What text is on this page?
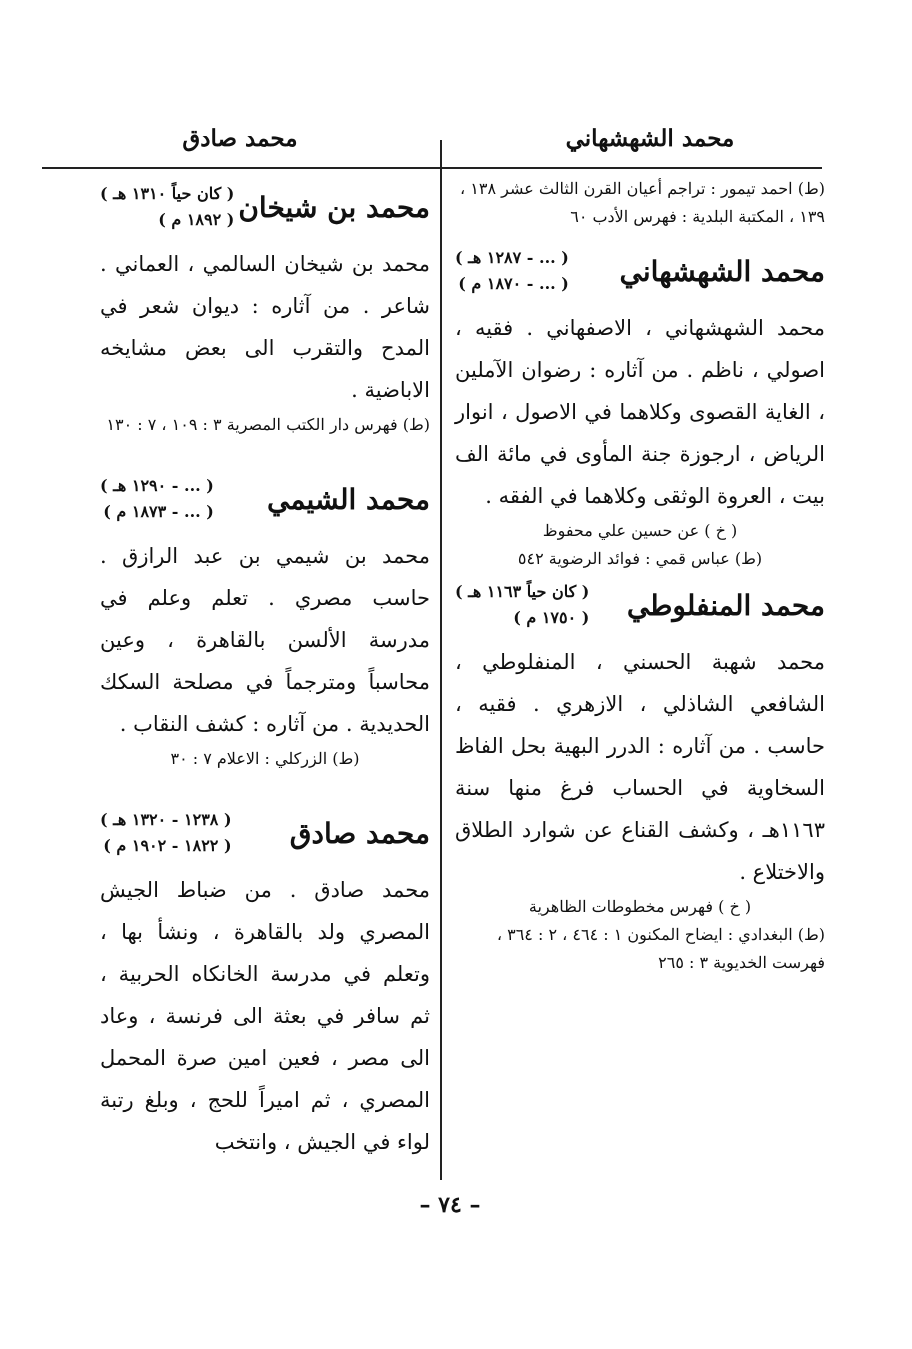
محمد الشهشهاني
محمد صادق
(ط) احمد تيمور : تراجم أعيان القرن الثالث عشر ١٣٨ ، ١٣٩ ، المكتبة البلدية : فهرس الأدب ٦٠
محمد الشهشهاني
( ... - ١٢٨٧ هـ )
( ... - ١٨٧٠ م )
محمد الشهشهاني ، الاصفهاني . فقيه ، اصولي ، ناظم . من آثاره : رضوان الآملين ، الغاية القصوى وكلاهما في الاصول ، انوار الرياض ، ارجوزة جنة المأوى في مائة الف بيت ، العروة الوثقى وكلاهما في الفقه .
( خ ) عن حسين علي محفوظ
(ط) عباس قمي : فوائد الرضوية ٥٤٢
محمد المنفلوطي
( كان حياً ١١٦٣ هـ )
( ١٧٥٠ م )
محمد شهبة الحسني ، المنفلوطي ، الشافعي الشاذلي ، الازهري . فقيه ، حاسب . من آثاره : الدرر البهية بحل الفاظ السخاوية في الحساب فرغ منها سنة ١١٦٣هـ ، وكشف القناع عن شوارد الطلاق والاختلاع .
( خ ) فهرس مخطوطات الظاهرية
(ط) البغدادي : ايضاح المكنون ١ : ٤٦٤ ، ٢ : ٣٦٤ ، فهرست الخديوية ٣ : ٢٦٥
محمد بن شيخان
( كان حياً ١٣١٠ هـ )
( ١٨٩٢ م )
محمد بن شيخان السالمي ، العماني . شاعر . من آثاره : ديوان شعر في المدح والتقرب الى بعض مشايخه الاباضية .
(ط) فهرس دار الكتب المصرية ٣ : ١٠٩ ، ٧ : ١٣٠
محمد الشيمي
( ... - ١٢٩٠ هـ )
( ... - ١٨٧٣ م )
محمد بن شيمي بن عبد الرازق . حاسب مصري . تعلم وعلم في مدرسة الألسن بالقاهرة ، وعين محاسباً ومترجماً في مصلحة السكك الحديدية . من آثاره : كشف النقاب .
(ط) الزركلي : الاعلام ٧ : ٣٠
محمد صادق
( ١٢٣٨ - ١٣٢٠ هـ )
( ١٨٢٢ - ١٩٠٢ م )
محمد صادق . من ضباط الجيش المصري ولد بالقاهرة ، ونشأ بها ، وتعلم في مدرسة الخانكاه الحربية ، ثم سافر في بعثة الى فرنسة ، وعاد الى مصر ، فعين امين صرة المحمل المصري ، ثم اميراً للحج ، وبلغ رتبة لواء في الجيش ، وانتخب
– ٧٤ –
